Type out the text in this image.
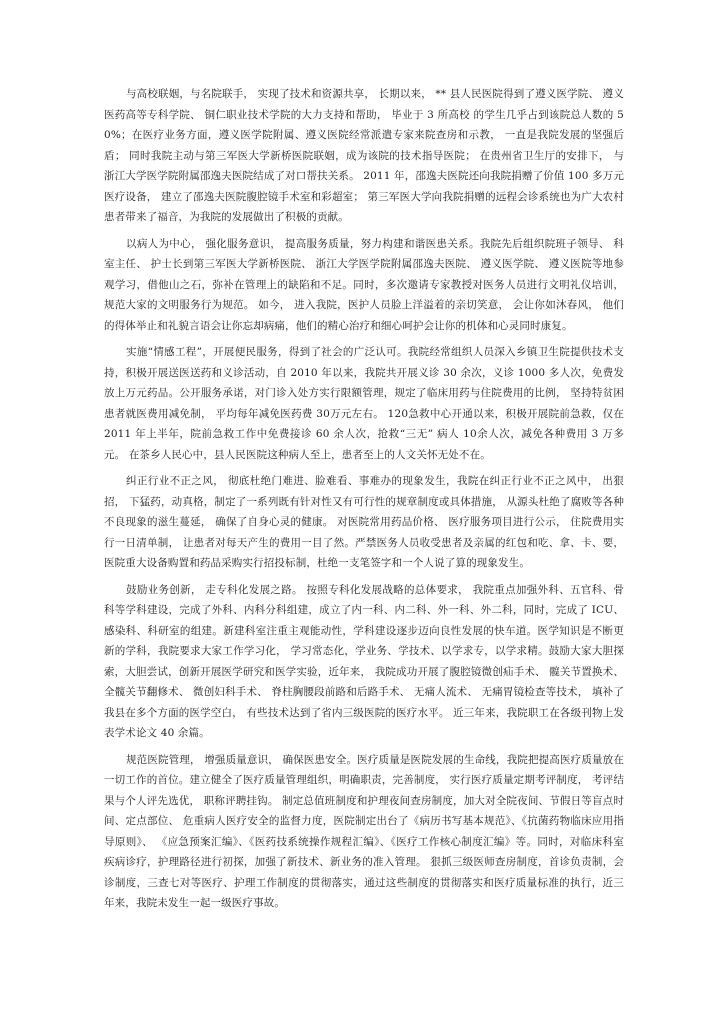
与高校联姻，与名院联手， 实现了技术和资源共享， 长期以来， ** 县人民医院得到了遵义医学院、 遵义医药高等专科学院、 铜仁职业技术学院的大力支持和帮助， 毕业于 3 所高校 的学生几乎占到该院总人数的 50%；在医疗业务方面，遵义医学院附属、遵义医院经常派遣专家来院查房和示教， 一直是我院发展的坚强后盾； 同时我院主动与第三军医大学新桥医院联姻，成为该院的技术指导医院； 在贵州省卫生厅的安排下， 与浙江大学医学院附属邵逸夫医院结成了对口帮扶关系。 2011 年，邵逸夫医院还向我院捐赠了价值 100 多万元医疗设备， 建立了邵逸夫医院腹腔镜手术室和彩超室； 第三军医大学向我院捐赠的远程会诊系统也为广大农村患者带来了福音，为我院的发展做出了积极的贡献。

以病人为中心， 强化服务意识， 提高服务质量，努力构建和谐医患关系。我院先后组织院班子领导、 科室主任、 护士长到第三军医大学新桥医院、 浙江大学医学院附属邵逸夫医院、 遵义医学院、 遵义医院等地参观学习，借他山之石，弥补在管理上的缺陷和不足。同时，多次邀请专家教授对医务人员进行文明礼仪培训， 规范大家的文明服务行为规范。 如今， 进入我院，医护人员脸上洋溢着的亲切笑意， 会让你如沐春风， 他们的得体举止和礼貌言语会让你忘却病痛，他们的精心治疗和细心呵护会让你的机体和心灵同时康复。

实施“情感工程”，开展便民服务，得到了社会的广泛认可。我院经常组织人员深入乡镇卫生院提供技术支持，积极开展送医送药和义诊活动，自 2010 年以来，我院共开展义诊 30 余次，义诊 1000 多人次，免费发放上万元药品。公开服务承诺，对门诊入处方实行限额管理，规定了临床用药与住院费用的比例， 坚持特贫困患者就医费用减免制， 平均每年减免医药费 30万元左右。 120急救中心开通以来，积极开展院前急救，仅在 2011 年上半年，院前急救工作中免费接诊 60 余人次，抢救“三无” 病人 10余人次，减免各种费用 3 万多元。 在茶乡人民心中，县人民医院这种病人至上，患者至上的人文关怀无处不在。

纠正行业不正之风， 彻底杜绝门难进、脸难看、事难办的现象发生，我院在纠正行业不正之风中， 出狠招， 下猛药，动真格，制定了一系列既有针对性又有可行性的规章制度或具体措施， 从源头杜绝了腐败等各种不良现象的滋生蔓延， 确保了自身心灵的健康。 对医院常用药品价格、 医疗服务项目进行公示， 住院费用实行一日清单制， 让患者对每天产生的费用一目了然。严禁医务人员收受患者及亲属的红包和吃、拿、卡、要，医院重大设备购置和药品采购实行招投标制，杜绝一支笔签字和一个人说了算的现象发生。

鼓励业务创新， 走专科化发展之路。 按照专科化发展战略的总体要求， 我院重点加强外科、五官科、骨科等学科建设，完成了外科、内科分科组建，成立了内一科、内二科、外一科、外二科，同时，完成了 ICU、感染科、科研室的组建。新建科室注重主观能动性，学科建设逐步迈向良性发展的快车道。医学知识是不断更新的学科，我院要求大家工作学习化， 学习常态化，学业务、学技术、以学求专，以学求精。鼓励大家大胆探索，大胆尝试，创新开展医学研究和医学实验，近年来， 我院成功开展了腹腔镜微创疝手术、 髋关节置换术、全髋关节翻修术、 微创妇科手术、 脊柱胸腰段前路和后路手术、 无痛人流术、 无痛胃镜检查等技术， 填补了我县在多个方面的医学空白， 有些技术达到了省内三级医院的医疗水平。 近三年来，我院职工在各级刊物上发表学术论文 40 余篇。

规范医院管理， 增强质量意识， 确保医患安全。医疗质量是医院发展的生命线，我院把提高医疗质量放在一切工作的首位。建立健全了医疗质量管理组织，明确职责，完善制度， 实行医疗质量定期考评制度， 考评结果与个人评先选优， 职称评聘挂钩。 制定总值班制度和护理夜间查房制度，加大对全院夜间、节假日等盲点时间、定点部位、 危重病人医疗安全的监督力度，医院制定出台了《病历书写基本规范》、《抗菌药物临床应用指导原则》、 《应急预案汇编》、《医药技系统操作规程汇编》、《医疗工作核心制度汇编》等。同时，对临床科室疾病诊疗，护理路径进行初探，加强了新技术、新业务的准入管理。 狠抓三级医师查房制度，首诊负责制，会诊制度，三查七对等医疗、护理工作制度的贯彻落实，通过这些制度的贯彻落实和医疗质量标准的执行，近三年来，我院未发生一起一级医疗事故。
